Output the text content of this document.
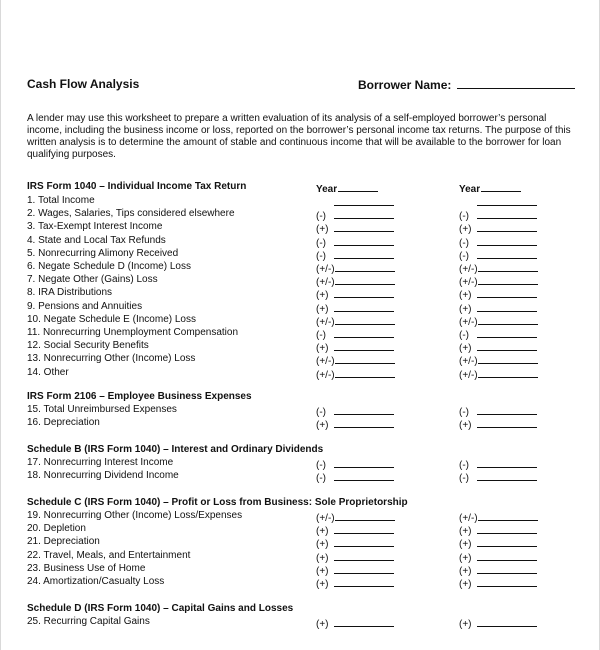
Cash Flow Analysis	Borrower Name:

A lender may use this worksheet to prepare a written evaluation of its analysis of a self-employed borrower’s personal income, including the business income or loss, reported on the borrower’s personal income tax returns. The purpose of this written analysis is to determine the amount of stable and continuous income that will be available to the borrower for loan qualifying purposes.

IRS Form 1040 – Individual Income Tax Return	Year	Year
1. Total Income
2. Wages, Salaries, Tips considered elsewhere	(-)	(-)
3. Tax-Exempt Interest Income	(+)	(+)
4. State and Local Tax Refunds	(-)	(-)
5. Nonrecurring Alimony Received	(-)	(-)
6. Negate Schedule D (Income) Loss	(+/-)	(+/-)
7. Negate Other (Gains) Loss	(+/-)	(+/-)
8. IRA Distributions	(+)	(+)
9. Pensions and Annuities	(+)	(+)
10. Negate Schedule E (Income) Loss	(+/-)	(+/-)
11. Nonrecurring Unemployment Compensation	(-)	(-)
12. Social Security Benefits	(+)	(+)
13. Nonrecurring Other (Income) Loss	(+/-)	(+/-)
14. Other	(+/-)	(+/-)
IRS Form 2106 – Employee Business Expenses
15. Total Unreimbursed Expenses	(-)	(-)
16. Depreciation	(+)	(+)
Schedule B (IRS Form 1040) – Interest and Ordinary Dividends
17. Nonrecurring Interest Income	(-)	(-)
18. Nonrecurring Dividend Income	(-)	(-)
Schedule C (IRS Form 1040) – Profit or Loss from Business: Sole Proprietorship
19. Nonrecurring Other (Income) Loss/Expenses	(+/-)	(+/-)
20. Depletion	(+)	(+)
21. Depreciation	(+)	(+)
22. Travel, Meals, and Entertainment	(+)	(+)
23. Business Use of Home	(+)	(+)
24. Amortization/Casualty Loss	(+)	(+)
Schedule D (IRS Form 1040) – Capital Gains and Losses
25. Recurring Capital Gains	(+)	(+)
